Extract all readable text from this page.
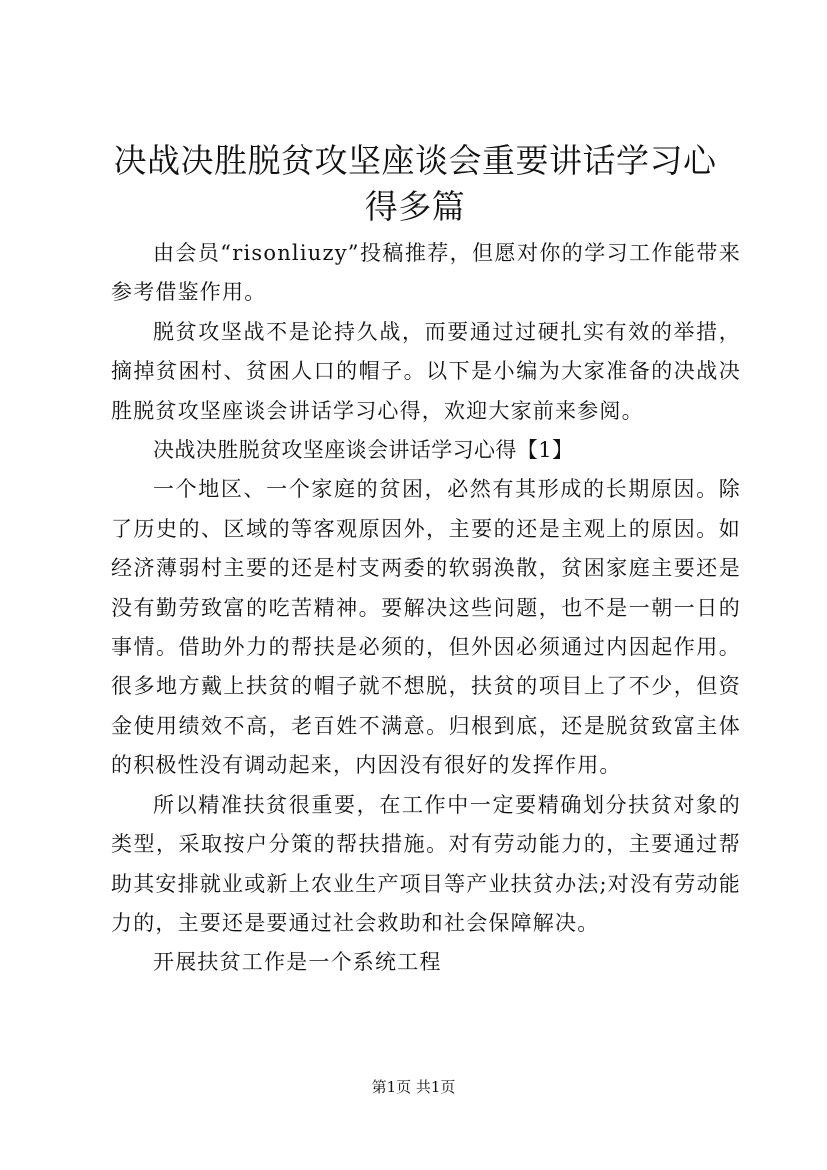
决战决胜脱贫攻坚座谈会重要讲话学习心得多篇

由会员“risonliuzy”投稿推荐，但愿对你的学习工作能带来参考借鉴作用。

脱贫攻坚战不是论持久战，而要通过过硬扎实有效的举措，摘掉贫困村、贫困人口的帽子。以下是小编为大家准备的决战决胜脱贫攻坚座谈会讲话学习心得，欢迎大家前来参阅。

决战决胜脱贫攻坚座谈会讲话学习心得【1】

一个地区、一个家庭的贫困，必然有其形成的长期原因。除了历史的、区域的等客观原因外，主要的还是主观上的原因。如经济薄弱村主要的还是村支两委的软弱涣散，贫困家庭主要还是没有勤劳致富的吃苦精神。要解决这些问题，也不是一朝一日的事情。借助外力的帮扶是必须的，但外因必须通过内因起作用。很多地方戴上扶贫的帽子就不想脱，扶贫的项目上了不少，但资金使用绩效不高，老百姓不满意。归根到底，还是脱贫致富主体的积极性没有调动起来，内因没有很好的发挥作用。

所以精准扶贫很重要，在工作中一定要精确划分扶贫对象的类型，采取按户分策的帮扶措施。对有劳动能力的，主要通过帮助其安排就业或新上农业生产项目等产业扶贫办法;对没有劳动能力的，主要还是要通过社会救助和社会保障解决。

开展扶贫工作是一个系统工程

第1页 共1页
